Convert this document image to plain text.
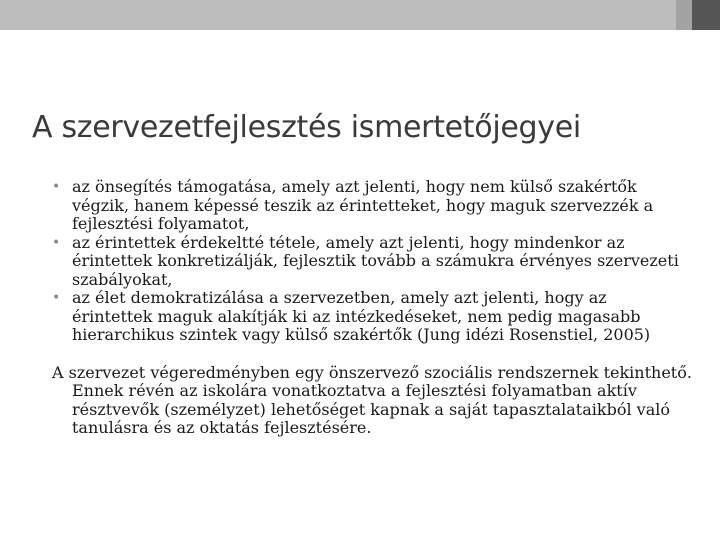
A szervezetfejlesztés ismertetőjegyei
• az önsegítés támogatása, amely azt jelenti, hogy nem külső szakértők végzik, hanem képessé teszik az érintetteket, hogy maguk szervezzék a fejlesztési folyamatot,
• az érintettek érdekeltté tétele, amely azt jelenti, hogy mindenkor az érintettek konkretizálják, fejlesztik tovább a számukra érvényes szervezeti szabályokat,
• az élet demokratizálása a szervezetben, amely azt jelenti, hogy az érintettek maguk alakítják ki az intézkedéseket, nem pedig magasabb hierarchikus szintek vagy külső szakértők (Jung idézi Rosenstiel, 2005)

A szervezet végeredményben egy önszervező szociális rendszernek tekinthető. Ennek révén az iskolára vonatkoztatva a fejlesztési folyamatban aktív résztvevők (személyzet) lehetőséget kapnak a saját tapasztalataikból való tanulásra és az oktatás fejlesztésére.
